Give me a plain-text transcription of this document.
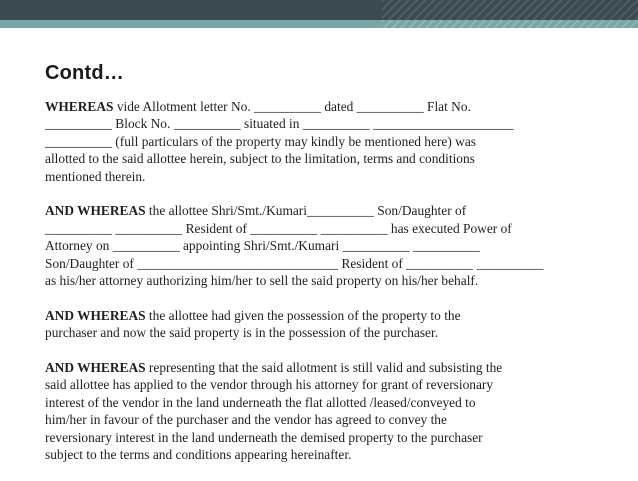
Contd…

WHEREAS vide Allotment letter No. __________ dated __________ Flat No.
__________ Block No. __________ situated in __________ _____________________
__________ (full particulars of the property may kindly be mentioned here) was
allotted to the said allottee herein, subject to the limitation, terms and conditions
mentioned therein.

AND WHEREAS the allottee Shri/Smt./Kumari__________ Son/Daughter of
__________ __________ Resident of __________ __________ has executed Power of
Attorney on __________ appointing Shri/Smt./Kumari __________ __________
Son/Daughter of ______________________________ Resident of __________ __________
as his/her attorney authorizing him/her to sell the said property on his/her behalf.

AND WHEREAS the allottee had given the possession of the property to the
purchaser and now the said property is in the possession of the purchaser.

AND WHEREAS representing that the said allotment is still valid and subsisting the
said allottee has applied to the vendor through his attorney for grant of reversionary
interest of the vendor in the land underneath the flat allotted /leased/conveyed to
him/her in favour of the purchaser and the vendor has agreed to convey the
reversionary interest in the land underneath the demised property to the purchaser
subject to the terms and conditions appearing hereinafter.
